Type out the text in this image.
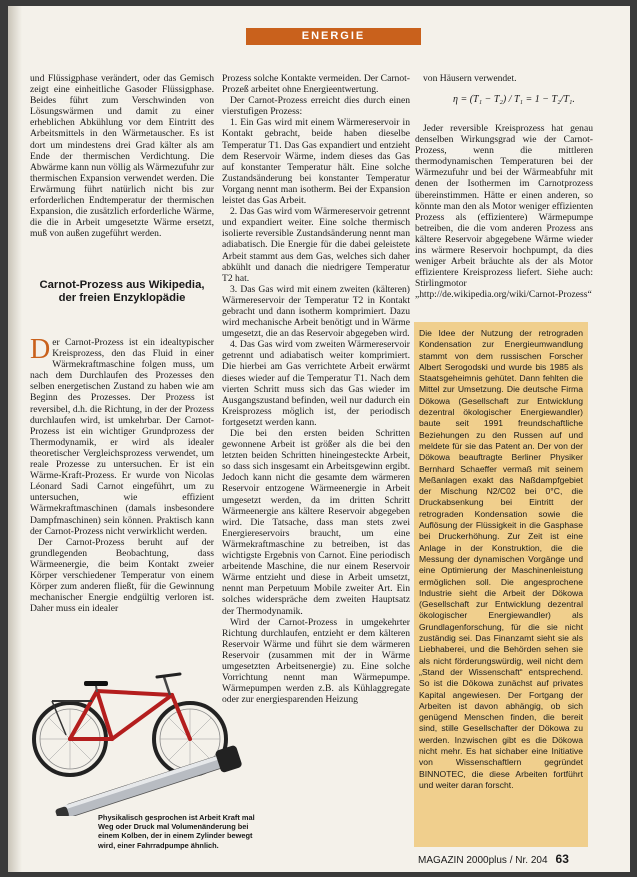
ENERGIE

und Flüssigphase verändert, oder das Gemisch zeigt eine einheitliche Gasoder Flüssigphase. Beides führt zum Verschwinden von Lösungswärmen und damit zu einer erheblichen Abkühlung vor dem Eintritt des Arbeitsmittels in den Wärmetauscher. Es ist dort um mindestens drei Grad kälter als am Ende der thermischen Verdichtung. Die Abwärme kann nun völlig als Wärmezufuhr zur thermischen Expansion verwendet werden. Die Erwärmung führt natürlich nicht bis zur erforderlichen Endtemperatur der thermischen Expansion, die zusätzlich erforderliche Wärme, die die in Arbeit umgesetzte Wärme ersetzt, muß von außen zugeführt werden.

Carnot-Prozess aus Wikipedia, der freien Enzyklopädie

Der Carnot-Prozess ist ein idealtypischer Kreisprozess, den das Fluid in einer Wärmekraftmaschine folgen muss, um nach dem Durchlaufen des Prozesses den selben energetischen Zustand zu haben wie am Beginn des Prozesses. Der Prozess ist reversibel, d.h. die Richtung, in der der Prozess durchlaufen wird, ist umkehrbar. Der Carnot-Prozess ist ein wichtiger Grundprozess der Thermodynamik, er wird als idealer theoretischer Vergleichsprozess verwendet, um reale Prozesse zu untersuchen. Er ist ein Wärme-Kraft-Prozess. Er wurde von Nicolas Léonard Sadi Carnot eingeführt, um zu untersuchen, wie effizient Wärmekraftmaschinen (damals insbesondere Dampfmaschinen) sein können. Praktisch kann der Carnot-Prozess nicht verwirklicht werden.

Der Carnot-Prozess beruht auf der grundlegenden Beobachtung, dass Wärmeenergie, die beim Kontakt zweier Körper verschiedener Temperatur von einem Körper zum anderen fließt, für die Gewinnung mechanischer Energie endgültig verloren ist. Daher muss ein idealer

Physikalisch gesprochen ist Arbeit Kraft mal Weg oder Druck mal Volumenänderung bei einem Kolben, der in einem Zylinder bewegt wird, einer Fahrradpumpe ähnlich.

Prozess solche Kontakte vermeiden. Der Carnot-Prozeß arbeitet ohne Energieentwertung.

Der Carnot-Prozess erreicht dies durch einen vierstufigen Prozess:

1. Ein Gas wird mit einem Wärmereservoir in Kontakt gebracht, beide haben dieselbe Temperatur T1. Das Gas expandiert und entzieht dem Reservoir Wärme, indem dieses das Gas auf konstanter Temperatur hält. Eine solche Zustandsänderung bei konstanter Temperatur Vorgang nennt man isotherm. Bei der Expansion leistet das Gas Arbeit.

2. Das Gas wird vom Wärmereservoir getrennt und expandiert weiter. Eine solche thermisch isolierte reversible Zustandsänderung nennt man adiabatisch. Die Energie für die dabei geleistete Arbeit stammt aus dem Gas, welches sich daher abkühlt und danach die niedrigere Temperatur T2 hat.

3. Das Gas wird mit einem zweiten (kälteren) Wärmereservoir der Temperatur T2 in Kontakt gebracht und dann isotherm komprimiert. Dazu wird mechanische Arbeit benötigt und in Wärme umgesetzt, die an das Reservoir abgegeben wird.

4. Das Gas wird vom zweiten Wärmereservoir getrennt und adiabatisch weiter komprimiert. Die hierbei am Gas verrichtete Arbeit erwärmt dieses wieder auf die Temperatur T1. Nach dem vierten Schritt muss sich das Gas wieder im Ausgangszustand befinden, weil nur dadurch ein Kreisprozess möglich ist, der periodisch fortgesetzt werden kann.

Die bei den ersten beiden Schritten gewonnene Arbeit ist größer als die bei den letzten beiden Schritten hineingesteckte Arbeit, so dass sich insgesamt ein Arbeitsgewinn ergibt. Jedoch kann nicht die gesamte dem wärmeren Reservoir entzogene Wärmeenergie in Arbeit umgesetzt werden, da im dritten Schritt Wärmeenergie ans kältere Reservoir abgegeben wird. Die Tatsache, dass man stets zwei Energiereservoirs braucht, um eine Wärmekraftmaschine zu betreiben, ist das wichtigste Ergebnis von Carnot. Eine periodisch arbeitende Maschine, die nur einem Reservoir Wärme entzieht und diese in Arbeit umsetzt, nennt man Perpetuum Mobile zweiter Art. Ein solches widerspräche dem zweiten Hauptsatz der Thermodynamik.

Wird der Carnot-Prozess in umgekehrter Richtung durchlaufen, entzieht er dem kälteren Reservoir Wärme und führt sie dem wärmeren Reservoir (zusammen mit der in Wärme umgesetzten Arbeitsenergie) zu. Eine solche Vorrichtung nennt man Wärmepumpe. Wärmepumpen werden z.B. als Kühlaggregate oder zur energiesparenden Heizung

von Häusern verwendet.

η = (T₁ − T₂) / T₁ = 1 − T₂/T₁.

Jeder reversible Kreisprozess hat genau denselben Wirkungsgrad wie der Carnot-Prozess, wenn die mittleren thermodynamischen Temperaturen bei der Wärmezufuhr und bei der Wärmeabfuhr mit denen der Isothermen im Carnotprozess übereinstimmen. Hätte er einen anderen, so könnte man den als Motor weniger effizienten Prozess als (effizientere) Wärmepumpe betreiben, die die vom anderen Prozess ans kältere Reservoir abgegebene Wärme wieder ins wärmere Reservoir hochpumpt, da dies weniger Arbeit bräuchte als der als Motor effizientere Kreisprozess liefert. Siehe auch: Stirlingmotor „http://de.wikipedia.org/wiki/Carnot-Prozess“

Die Idee der Nutzung der retrograden Kondensation zur Energieumwandlung stammt von dem russischen Forscher Albert Serogodski und wurde bis 1985 als Staatsgeheimnis gehütet. Dann fehlten die Mittel zur Umsetzung. Die deutsche Firma Dökowa (Gesellschaft zur Entwicklung dezentral ökologischer Energiewandler) baute seit 1991 freundschaftliche Beziehungen zu den Russen auf und meldete für sie das Patent an. Der von der Dökowa beauftragte Berliner Physiker Bernhard Schaeffer vermaß mit seinem Meßanlagen exakt das Naßdampfgebiet der Mischung N2/C02 bei 0°C, die Druckabsenkung bei Eintritt der retrograden Kondensation sowie die Auflösung der Flüssigkeit in die Gasphase bei Druckerhöhung. Zur Zeit ist eine Anlage in der Konstruktion, die die Messung der dynamischen Vorgänge und eine Optimierung der Maschinenleistung ermöglichen soll. Die angesprochene Industrie sieht die Arbeit der Dökowa (Gesellschaft zur Entwicklung dezentral ökologischer Energiewandler) als Grundlagenforschung, für die sie nicht zuständig sei. Das Finanzamt sieht sie als Liebhaberei, und die Behörden sehen sie als nicht förderungswürdig, weil nicht dem „Stand der Wissenschaft“ entsprechend. So ist die Dökowa zunächst auf privates Kapital angewiesen. Der Fortgang der Arbeiten ist davon abhängig, ob sich genügend Menschen finden, die bereit sind, stille Gesellschafter der Dökowa zu werden. Inzwischen gibt es die Dökowa nicht mehr. Es hat sichaber eine Initiative von Wissenschaftlern gegründet BINNOTEC, die diese Arbeiten fortführt und weiter daran forscht.
MAGAZIN 2000plus / Nr. 204 63
